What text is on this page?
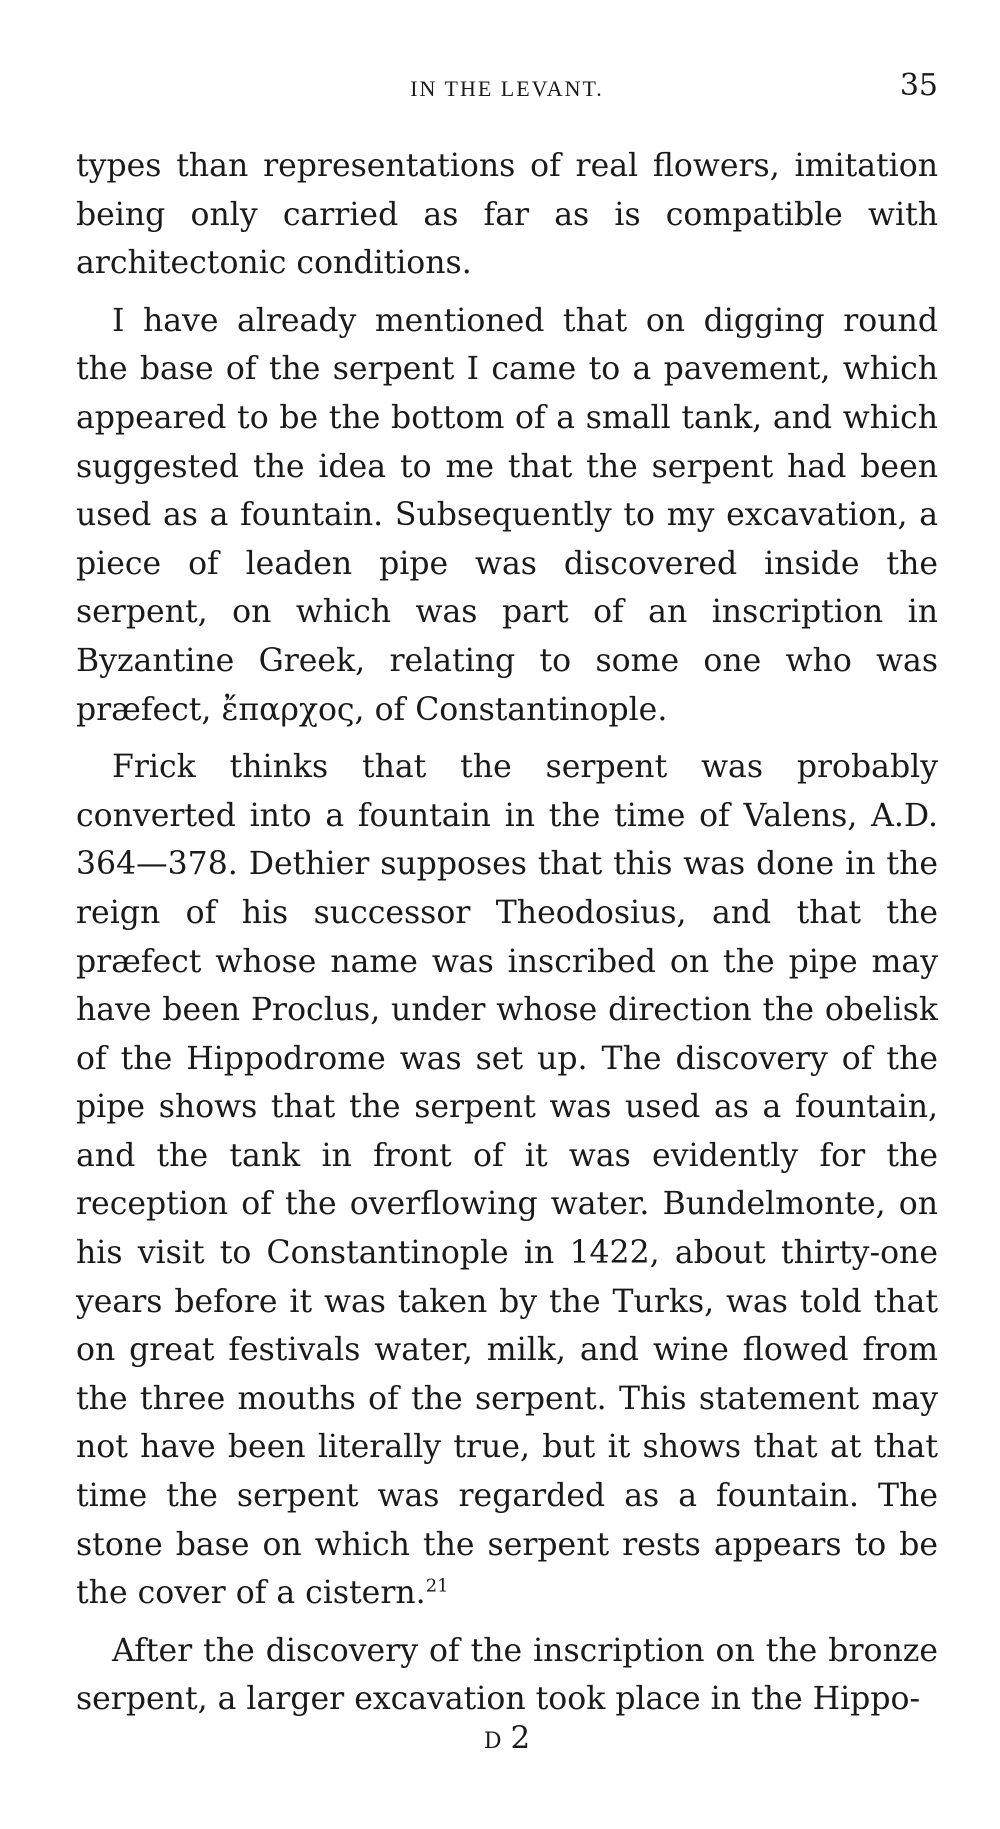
IN THE LEVANT.	35

types than representations of real flowers, imitation being only carried as far as is compatible with architectonic conditions.

I have already mentioned that on digging round the base of the serpent I came to a pavement, which appeared to be the bottom of a small tank, and which suggested the idea to me that the serpent had been used as a fountain. Subsequently to my excavation, a piece of leaden pipe was discovered inside the serpent, on which was part of an inscription in Byzantine Greek, relating to some one who was præfect, ἔπαρχος, of Constantinople.

Frick thinks that the serpent was probably converted into a fountain in the time of Valens, A.D. 364—378. Dethier supposes that this was done in the reign of his successor Theodosius, and that the præfect whose name was inscribed on the pipe may have been Proclus, under whose direction the obelisk of the Hippodrome was set up. The discovery of the pipe shows that the serpent was used as a fountain, and the tank in front of it was evidently for the reception of the overflowing water. Bundelmonte, on his visit to Constantinople in 1422, about thirty-one years before it was taken by the Turks, was told that on great festivals water, milk, and wine flowed from the three mouths of the serpent. This statement may not have been literally true, but it shows that at that time the serpent was regarded as a fountain. The stone base on which the serpent rests appears to be the cover of a cistern.$^{21}$

After the discovery of the inscription on the bronze serpent, a larger excavation took place in the Hippo-

D 2
